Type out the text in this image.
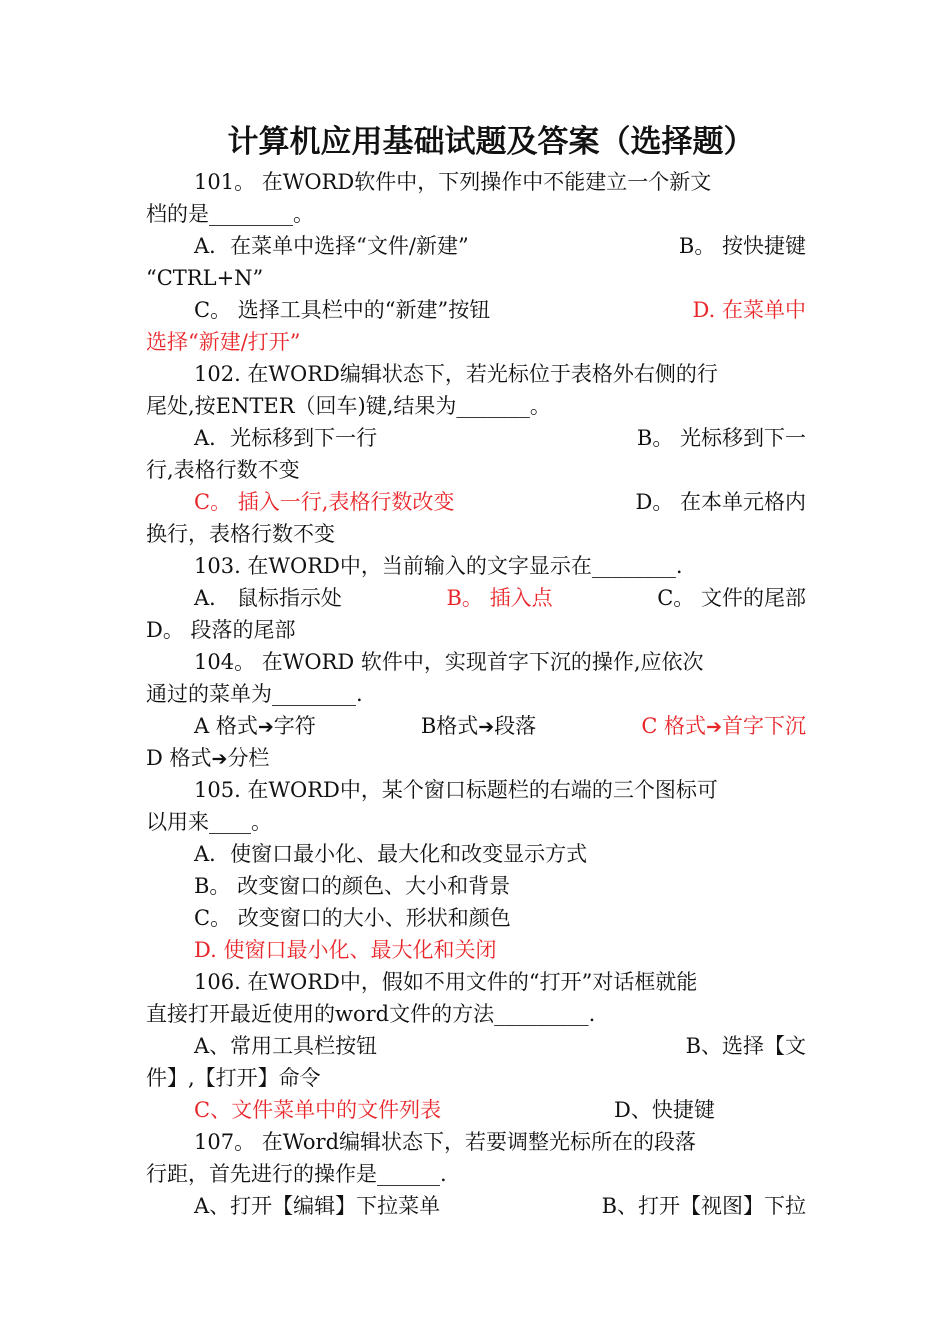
计算机应用基础试题及答案（选择题）
101。 在WORD软件中，下列操作中不能建立一个新文
档的是________。
A．在菜单中选择“文件/新建”	B。 按快捷键
“CTRL+N”
C。 选择工具栏中的“新建”按钮	D. 在菜单中
选择“新建/打开”
102. 在WORD编辑状态下，若光标位于表格外右侧的行
尾处,按ENTER（回车)键,结果为_______。
A．光标移到下一行	B。 光标移到下一
行,表格行数不变
C。 插入一行,表格行数改变	D。 在本单元格内
换行，表格行数不变
103. 在WORD中，当前输入的文字显示在________.
A． 鼠标指示处	B。 插入点	C。 文件的尾部
D。 段落的尾部
104。 在WORD 软件中，实现首字下沉的操作,应依次
通过的菜单为________.
A 格式➔字符	B格式➔段落	C 格式➔首字下沉
D 格式➔分栏
105. 在WORD中，某个窗口标题栏的右端的三个图标可
以用来____。
A．使窗口最小化、最大化和改变显示方式
B。 改变窗口的颜色、大小和背景
C。 改变窗口的大小、形状和颜色
D. 使窗口最小化、最大化和关闭
106. 在WORD中，假如不用文件的“打开”对话框就能
直接打开最近使用的word文件的方法_________.
A、常用工具栏按钮	B、选择【文
件】,【打开】命令
C、文件菜单中的文件列表	D、快捷键
107。 在Word编辑状态下，若要调整光标所在的段落
行距，首先进行的操作是______.
A、打开【编辑】下拉菜单	B、打开【视图】下拉
